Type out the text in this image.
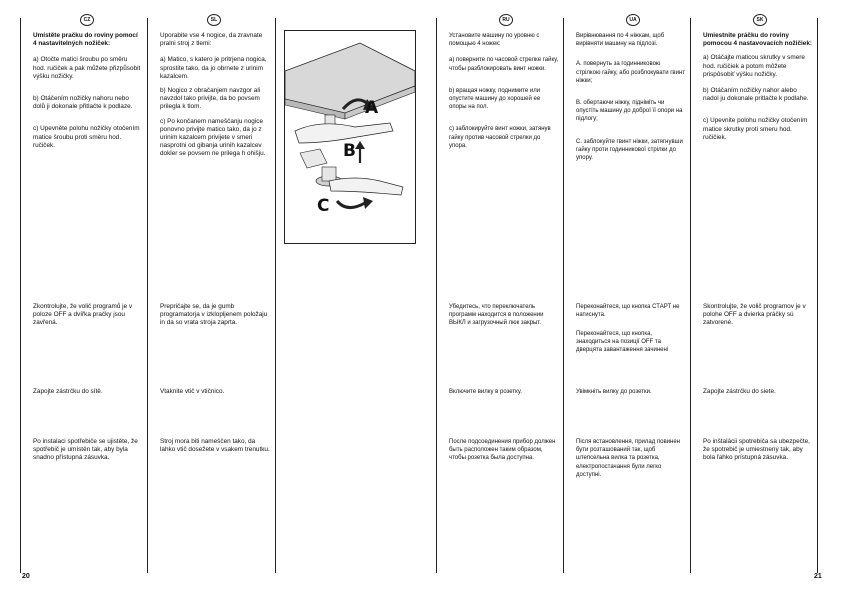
CZ	SL

Umístěte pračku do roviny pomocí 4 nastavitelných nožiček:

a) Otočte matici šroubu po směru hod. ručiček a pak můžete přizpůsobit výšku nožičky.

b) Otáčením nožičky nahoru nebo dolů ji dokonale přitlačte k podlaze.

c) Upevněte polohu nožičky otočením matice šroubu proti směru hod. ručiček.

Zkontrolujte, že volič programů je v poloze OFF a dvířka pračky jsou zavřená.
Zapojte zástrčku do sítě.
Po instalaci spotřebiče se ujistěte, že spotřebič je umístěn tak, aby byla snadno přístupná zásuvka.

Uporabite vse 4 nogice, da zravnate pralni stroj z tlemi:

a) Matico, s katero je pritrjena nogica, sprostite tako, da jo obrnete z urinim kazalcem.

b) Nogico z obračanjem navzgor ali navzdol tako privijte, da bo povsem prilegla k tlom.

c) Po končanem nameščanju nogice ponovno privijte matico tako, da jo z urinim kazalcem privijete v smeri nasprotni od gibanja urinih kazalcev dokler se povsem ne prilega h ohišju.

Prepričajte se, da je gumb programatorja v izklopljenem položaju in da so vrata stroja zaprta.
Vtaknite vtič v vtičnico.
Stroj mora biti nameščen tako, da lahko vtič dosežete v vsakem trenutku.
A
B
C
20
RU	UA	SK

Установите машину по уровню с помощью 4 ножек:

a) поверните по часовой стрелке гайку, чтобы разблокировать винт ножки.

b) вращая ножку, поднимите или опустите машину до хорошей ее опоры на пол.

c) заблокируйте винт ножки, затянув гайку против часовой стрелки до упора.

Убедитесь, что переключатель программ находится в положении ВЫКЛ и загрузочный люк закрыт.
Включите вилку в розетку.
После подсоединения прибор должен быть расположен таким образом, чтобы розетка была доступна.

Вирівнювання по 4 ніжкам, щоб вирівняти машину на підлозі.

A. повернуть за годинниковою стрілкою гайку, або розблокувати гвинт ніжки;

B. обертаючи ніжку, підніміть чи опустіть машину до доброї її опори на підлогу;

C. заблокуйте гвинт ніжки, затягнувши гайку проти годинникової стрілки до упору.

Переконайтеся, що кнопка СТАРТ не натиснута.
Переконайтеся, що кнопка, знаходиться на позиції OFF та дверцята завантаження зачинені
Увімкніть вилку до розетки.
Після встановлення, прилад повинен бути розташований так, щоб штепсельна вилка та розетка, електропостачання були легко доступні.

Umiestnite práčku do roviny pomocou 4 nastavovacích nožičiek:

a) Otáčajte maticou skrutky v smere hod. ručičiek a potom môžete prispôsobiť výšku nožičky.

b) Otáčaním nožičky nahor alebo nadol ju dokonale pritlačte k podlahe.

c) Upevnite polohu nožičky otočením matice skrutky proti smeru hod. ručičiek.

Skontrolujte, že volič programov je v polohe OFF a dvierka práčky sú zatvorené.
Zapojte zástrčku do siete.
Po inštalácii spotrebiča sa ubezpečte, že spotrebič je umiestnený tak, aby bola ľahko prístupná zásuvka.
21
